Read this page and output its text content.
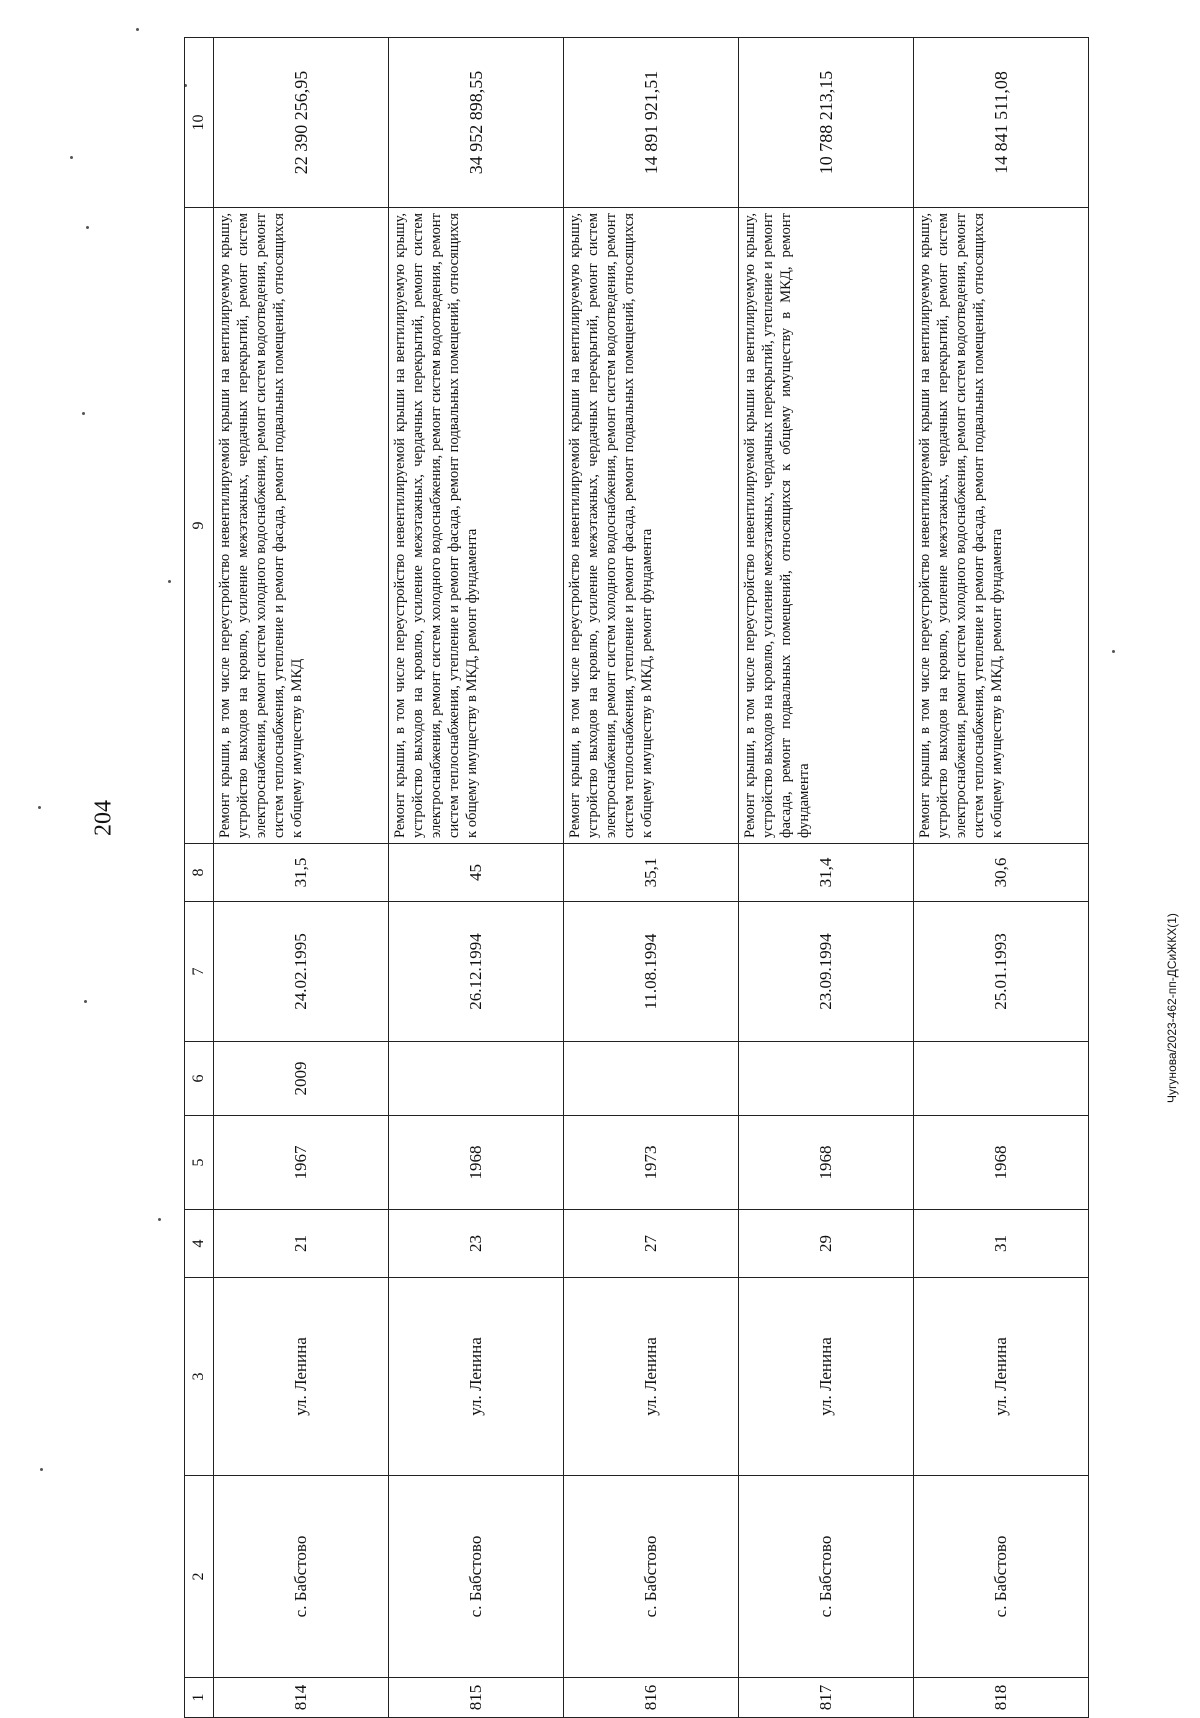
204
Чугунова/2023-462-пп-ДСиЖКХ(1)
1	2	3	4	5	6	7	8	9	10
814	с. Бабстово	ул. Ленина	21	1967	2009	24.02.1995	31,5	Ремонт крыши, в том числе переустройство невентилируемой крыши на вентилируемую крышу, устройство выходов на кровлю, усиление межэтажных, чердачных перекрытий, ремонт систем электроснабжения, ремонт систем холодного водоснабжения, ремонт систем водоотведения, ремонт систем теплоснабжения, утепление и ремонт фасада, ремонт подвальных помещений, относящихся к общему имуществу в МКД	22 390 256,95
815	с. Бабстово	ул. Ленина	23	1968		26.12.1994	45	Ремонт крыши, в том числе переустройство невентилируемой крыши на вентилируемую крышу, устройство выходов на кровлю, усиление межэтажных, чердачных перекрытий, ремонт систем электроснабжения, ремонт систем холодного водоснабжения, ремонт систем водоотведения, ремонт систем теплоснабжения, утепление и ремонт фасада, ремонт подвальных помещений, относящихся к общему имуществу в МКД, ремонт фундамента	34 952 898,55
816	с. Бабстово	ул. Ленина	27	1973		11.08.1994	35,1	Ремонт крыши, в том числе переустройство невентилируемой крыши на вентилируемую крышу, устройство выходов на кровлю, усиление межэтажных, чердачных перекрытий, ремонт систем электроснабжения, ремонт систем холодного водоснабжения, ремонт систем водоотведения, ремонт систем теплоснабжения, утепление и ремонт фасада, ремонт подвальных помещений, относящихся к общему имуществу в МКД, ремонт фундамента	14 891 921,51
817	с. Бабстово	ул. Ленина	29	1968		23.09.1994	31,4	Ремонт крыши, в том числе переустройство невентилируемой крыши на вентилируемую крышу, устройство выходов на кровлю, усиление межэтажных, чердачных перекрытий, утепление и ремонт фасада, ремонт подвальных помещений, относящихся к общему имуществу в МКД, ремонт фундамента	10 788 213,15
818	с. Бабстово	ул. Ленина	31	1968		25.01.1993	30,6	Ремонт крыши, в том числе переустройство невентилируемой крыши на вентилируемую крышу, устройство выходов на кровлю, усиление межэтажных, чердачных перекрытий, ремонт систем электроснабжения, ремонт систем холодного водоснабжения, ремонт систем водоотведения, ремонт систем теплоснабжения, утепление и ремонт фасада, ремонт подвальных помещений, относящихся к общему имуществу в МКД, ремонт фундамента	14 841 511,08
